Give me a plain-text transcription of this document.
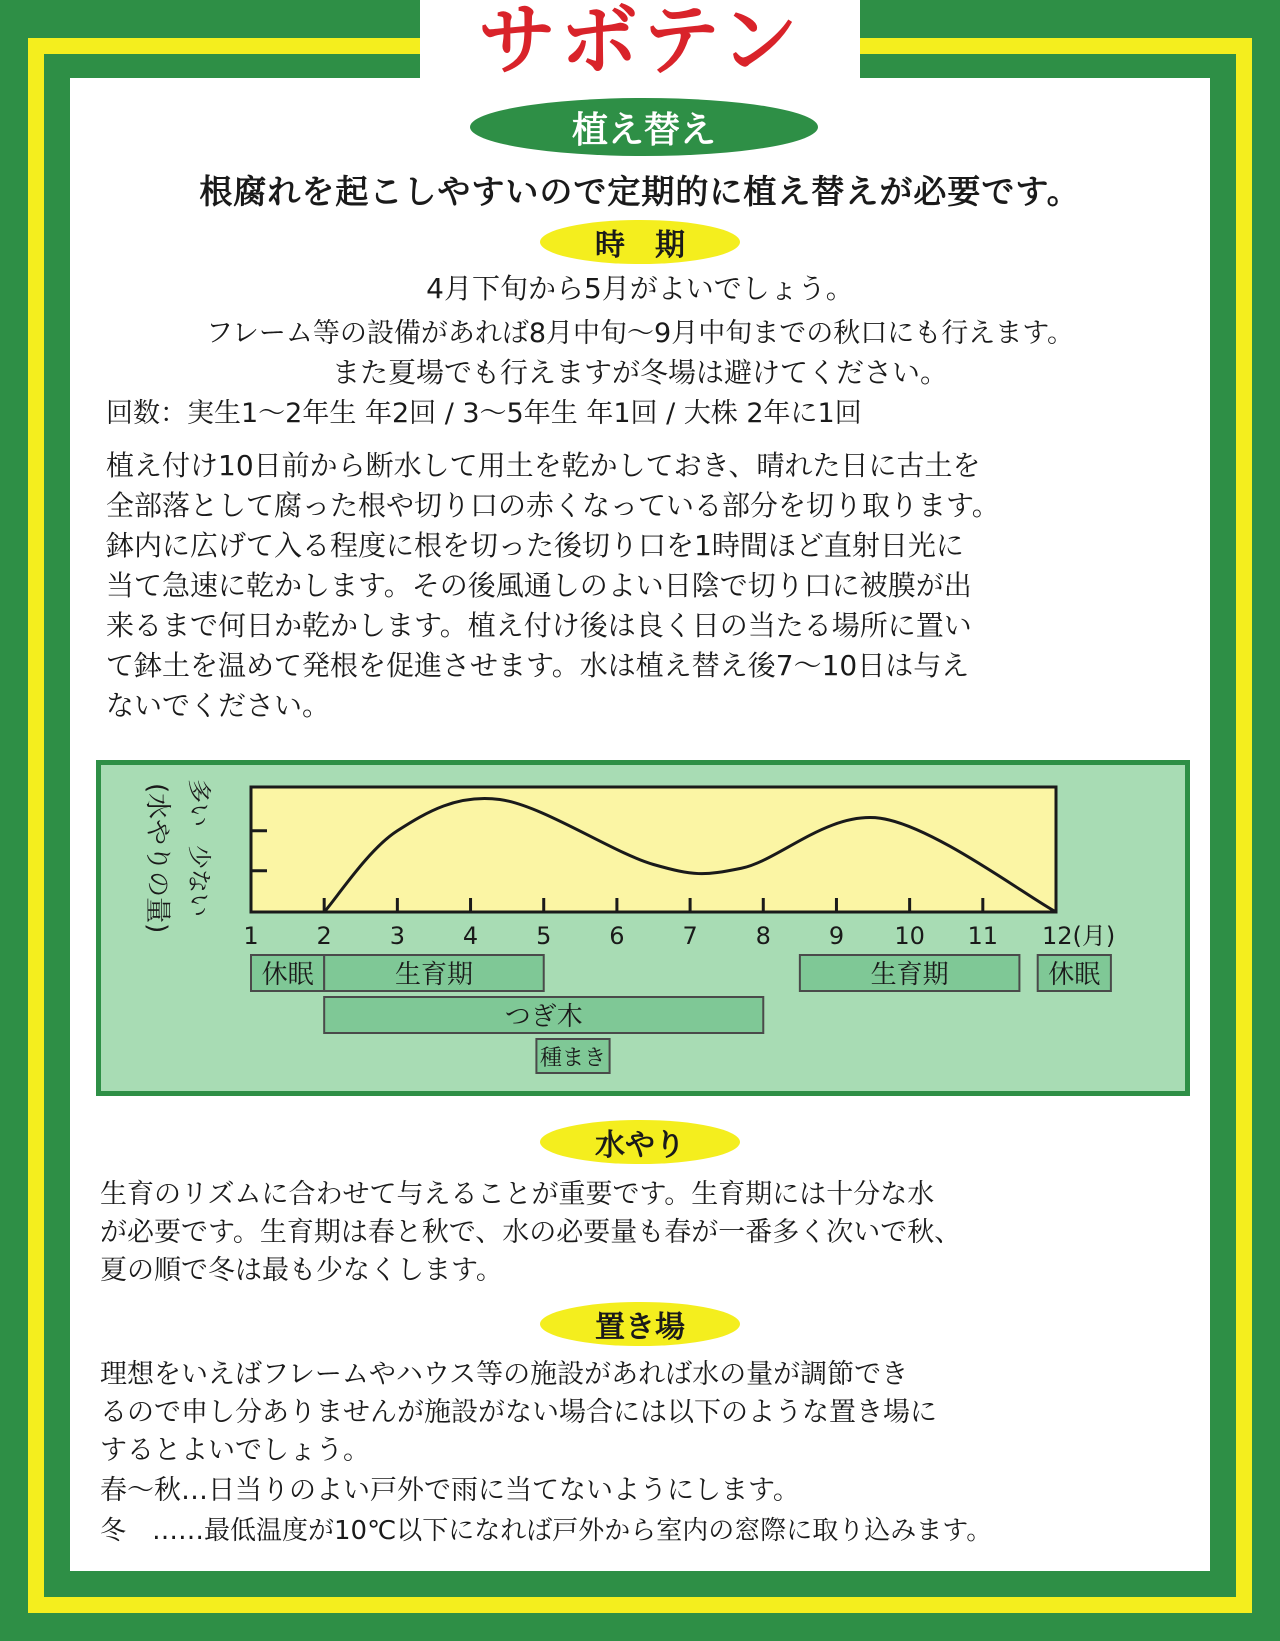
サボテン
植え替え
根腐れを起こしやすいので定期的に植え替えが必要です。
時　期
4月下旬から5月がよいでしょう。
フレーム等の設備があれば8月中旬～9月中旬までの秋口にも行えます。
また夏場でも行えますが冬場は避けてください。
回数：実生1～2年生 年2回 / 3～5年生 年1回 / 大株 2年に1回
植え付け10日前から断水して用土を乾かしておき、晴れた日に古土を
全部落として腐った根や切り口の赤くなっている部分を切り取ります。
鉢内に広げて入る程度に根を切った後切り口を1時間ほど直射日光に
当て急速に乾かします。その後風通しのよい日陰で切り口に被膜が出
来るまで何日か乾かします。植え付け後は良く日の当たる場所に置い
て鉢土を温めて発根を促進させます。水は植え替え後7～10日は与え
ないでください。
1 2 3 4 5 6 7 8 9 10 11 12(月)
(水やりの量) 多い
少ない
休眠	生育期	生育期	休眠
つぎ木
種まき
水やり
生育のリズムに合わせて与えることが重要です。生育期には十分な水
が必要です。生育期は春と秋で、水の必要量も春が一番多く次いで秋、
夏の順で冬は最も少なくします。
置き場
理想をいえばフレームやハウス等の施設があれば水の量が調節でき
るので申し分ありませんが施設がない場合には以下のような置き場に
するとよいでしょう。
春～秋…日当りのよい戸外で雨に当てないようにします。
冬　……最低温度が10℃以下になれば戸外から室内の窓際に取り込みます。
